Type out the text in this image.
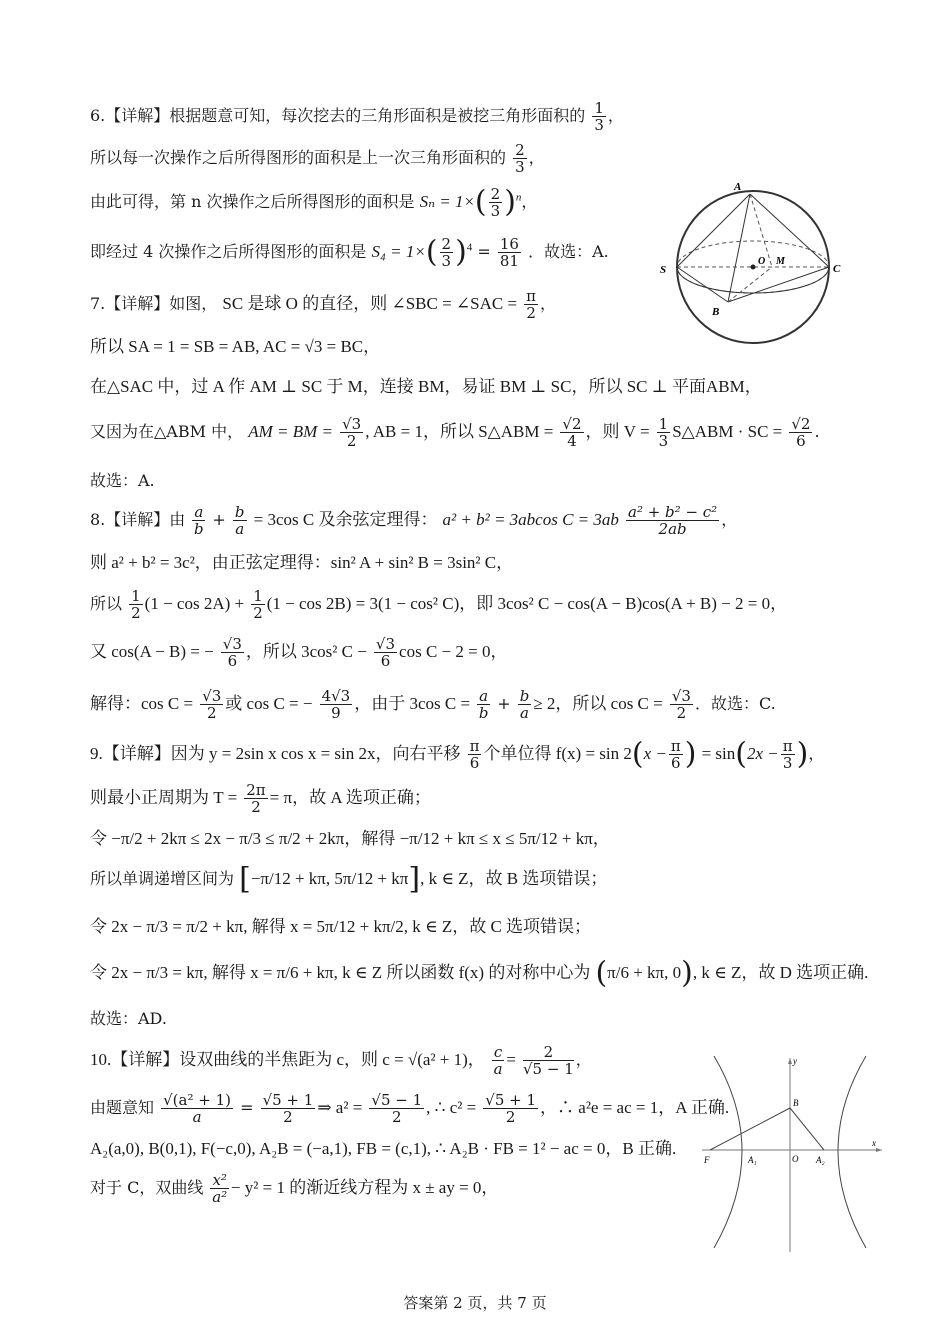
6.【详解】根据题意可知，每次挖去的三角形面积是被挖三角形面积的 $\frac{1}{3}$ ，
所以每一次操作之后所得图形的面积是上一次三角形面积的 $\frac{2}{3}$ ，
由此可得，第 n 次操作之后所得图形的面积是 $S_n = 1\times( \frac{2}{3} )^n$，
即经过 4 次操作之后所得图形的面积是 $S_4 = 1\times( \frac{2}{3} )^4 = \frac{16}{81}$ ．故选：A.
7.【详解】如图， SC 是球 O 的直径，则 ∠SBC = ∠SAC = $\frac{\pi}{2}$ ，
所以 SA = 1 = SB = AB, AC = √3 = BC，
在△SAC 中，过 A 作 AM ⊥ SC 于 M，连接 BM，易证 BM ⊥ SC，所以 SC ⊥ 平面ABM，
又因为在△ABM 中， AM = BM = $\frac{√3}{2}$ , AB = 1，所以 S△ABM = $\frac{√2}{4}$ ，则 $V = \frac{1}{3}$ S△ABM · SC = $\frac{√2}{6}$ .
故选：A.
8.【详解】由 $\frac{a}{b} + \frac{b}{a} = 3\cos$ C 及余弦定理得： a² + b² = 3abcos $C = 3ab \frac{\text{a² + b² − c²}}{2ab}$ ，
则 a² + b² = 3c²，由正弦定理得：sin² A + sin² B = 3sin² C，
所以 $\frac{1}{2} (1 - \cos 2A) + \frac{1}{2} (1 - \cos 2B) = 3(1 - \cos^2$ C)，即 3cos² C − cos(A − B)cos(A + B) − 2 = 0，
又 cos(A − B) = − $\frac{√3}{6}$ ，所以 3cos² $C - \frac{√3}{6}$ cos C − 2 = 0，
解得：$\cos C = \frac{√3}{2}$ 或 cos C = − $\frac{4√3}{9}$ ，由于 3cos $C = \frac{a}{b} + \frac{b}{a} \ge 2$，所以 $\cos C = \frac{√3}{2}$ ．故选：C.
9.【详解】因为 y = 2sin x cos x = sin 2x，向右平移 $\frac{\pi}{6}$ 个单位得 $f(x) = \sin 2(x - \frac{\pi}{6}$ ) = $\sin(2x - \frac{\pi}{3}$ )，
则最小正周期为 $T = \frac{2\pi}{2} = \pi$，故 A 选项正确；
令 −π/2 + 2kπ ≤ 2x − π/3 ≤ π/2 + 2kπ，解得 −π/12 + kπ ≤ x ≤ 5π/12 + kπ，
所以单调递增区间为 [−π/12 + kπ, 5π/12 + kπ], k ∈ Z，故 B 选项错误；
令 2x − π/3 = π/2 + kπ, 解得 x = 5π/12 + kπ/2, k ∈ Z，故 C 选项错误；
令 2x − π/3 = kπ, 解得 x = π/6 + kπ, k ∈ Z 所以函数 f(x) 的对称中心为 (π/6 + kπ, 0), k ∈ Z，故 D 选项正确.
故选：AD.
10.【详解】设双曲线的半焦距为 c，则 c = √(a² + 1)， $\frac{c}{a} = \frac{2}{√5 - 1}$ ，
由题意知 $\frac{\text{√(a² + 1)}}{a} = \frac{√5 + 1}{2}$ ⇒ $a^2 = \frac{√5 - 1}{2}$ , ∴ $c^2 = \frac{√5 + 1}{2}$ ，∴ a²e = ac = 1，A 正确.
A₂(a,0), B(0,1), F(−c,0), A₂B = (−a,1), FB = (c,1), ∴ A₂B · FB = 1² − ac = 0，B 正确.
对于 C，双曲线 $\frac{\text{x²}}{\text{a²}} - y^2 = 1$ 的渐近线方程为 x ± ay = 0，
A
S	C
B
O M
y
x
B
O
F	A₁	A₂
答案第 2 页，共 7 页
